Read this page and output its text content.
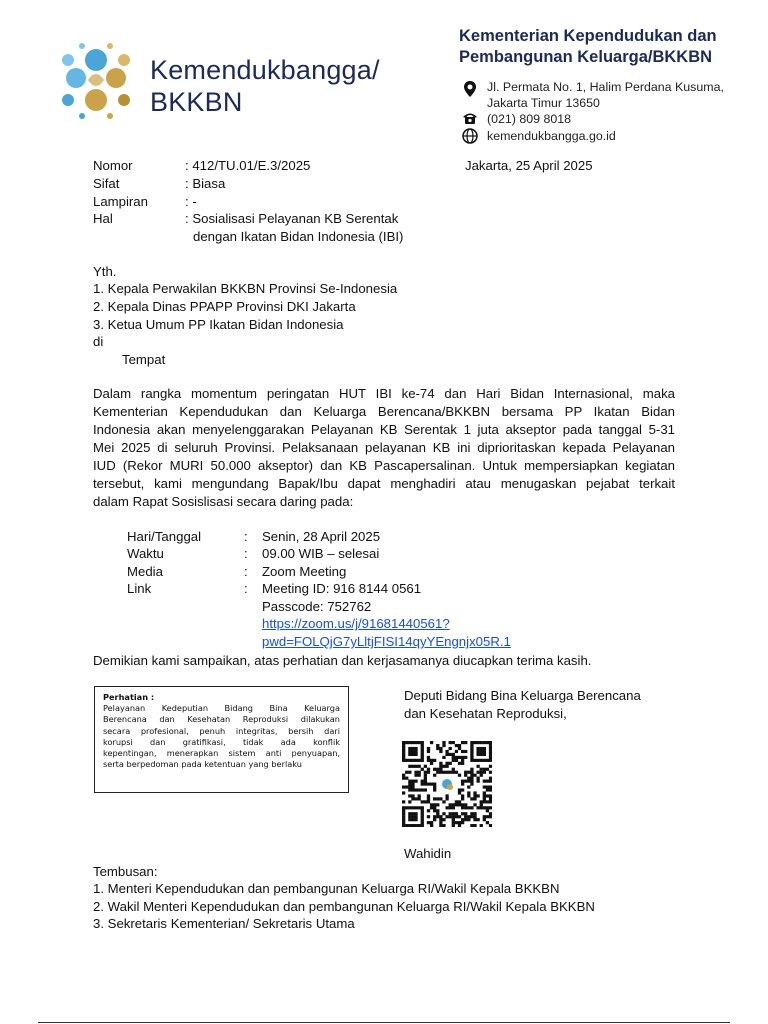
Kemendukbangga/
BKKBN
Kementerian Kependudukan dan
Pembangunan Keluarga/BKKBN
Jl. Permata No. 1, Halim Perdana Kusuma,
Jakarta Timur 13650
(021) 809 8018
kemendukbangga.go.id
Nomor	: 412/TU.01/E.3/2025	Jakarta, 25 April 2025
Sifat	: Biasa
Lampiran	: -
Hal	: Sosialisasi Pelayanan KB Serentak
dengan Ikatan Bidan Indonesia (IBI)
Yth.
1. Kepala Perwakilan BKKBN Provinsi Se-Indonesia
2. Kepala Dinas PPAPP Provinsi DKI Jakarta
3. Ketua Umum PP Ikatan Bidan Indonesia
di
Tempat
Dalam rangka momentum peringatan HUT IBI ke-74 dan Hari Bidan Internasional, maka
Kementerian Kependudukan dan Keluarga Berencana/BKKBN bersama PP Ikatan Bidan
Indonesia akan menyelenggarakan Pelayanan KB Serentak 1 juta akseptor pada tanggal 5-31
Mei 2025 di seluruh Provinsi. Pelaksanaan pelayanan KB ini diprioritaskan kepada Pelayanan
IUD (Rekor MURI 50.000 akseptor) dan KB Pascapersalinan. Untuk mempersiapkan kegiatan
tersebut, kami mengundang Bapak/Ibu dapat menghadiri atau menugaskan pejabat terkait
dalam Rapat Sosislisasi secara daring pada:
Hari/Tanggal	: Senin, 28 April 2025
Waktu	: 09.00 WIB – selesai
Media	: Zoom Meeting
Link	: Meeting ID: 916 8144 0561
Passcode: 752762
https://zoom.us/j/91681440561?
pwd=FOLQjG7yLltjFISI14qyYEngnjx05R.1
Demikian kami sampaikan, atas perhatian dan kerjasamanya diucapkan terima kasih.
Perhatian :
Pelayanan Kedeputian Bidang Bina Keluarga
Berencana dan Kesehatan Reproduksi dilakukan
secara profesional, penuh integritas, bersih dari
korupsi dan gratifikasi, tidak ada konflik
kepentingan, menerapkan sistem anti penyuapan,
serta berpedoman pada ketentuan yang berlaku
Deputi Bidang Bina Keluarga Berencana
dan Kesehatan Reproduksi,
Wahidin
Tembusan:
1. Menteri Kependudukan dan pembangunan Keluarga RI/Wakil Kepala BKKBN
2. Wakil Menteri Kependudukan dan pembangunan Keluarga RI/Wakil Kepala BKKBN
3. Sekretaris Kementerian/ Sekretaris Utama
